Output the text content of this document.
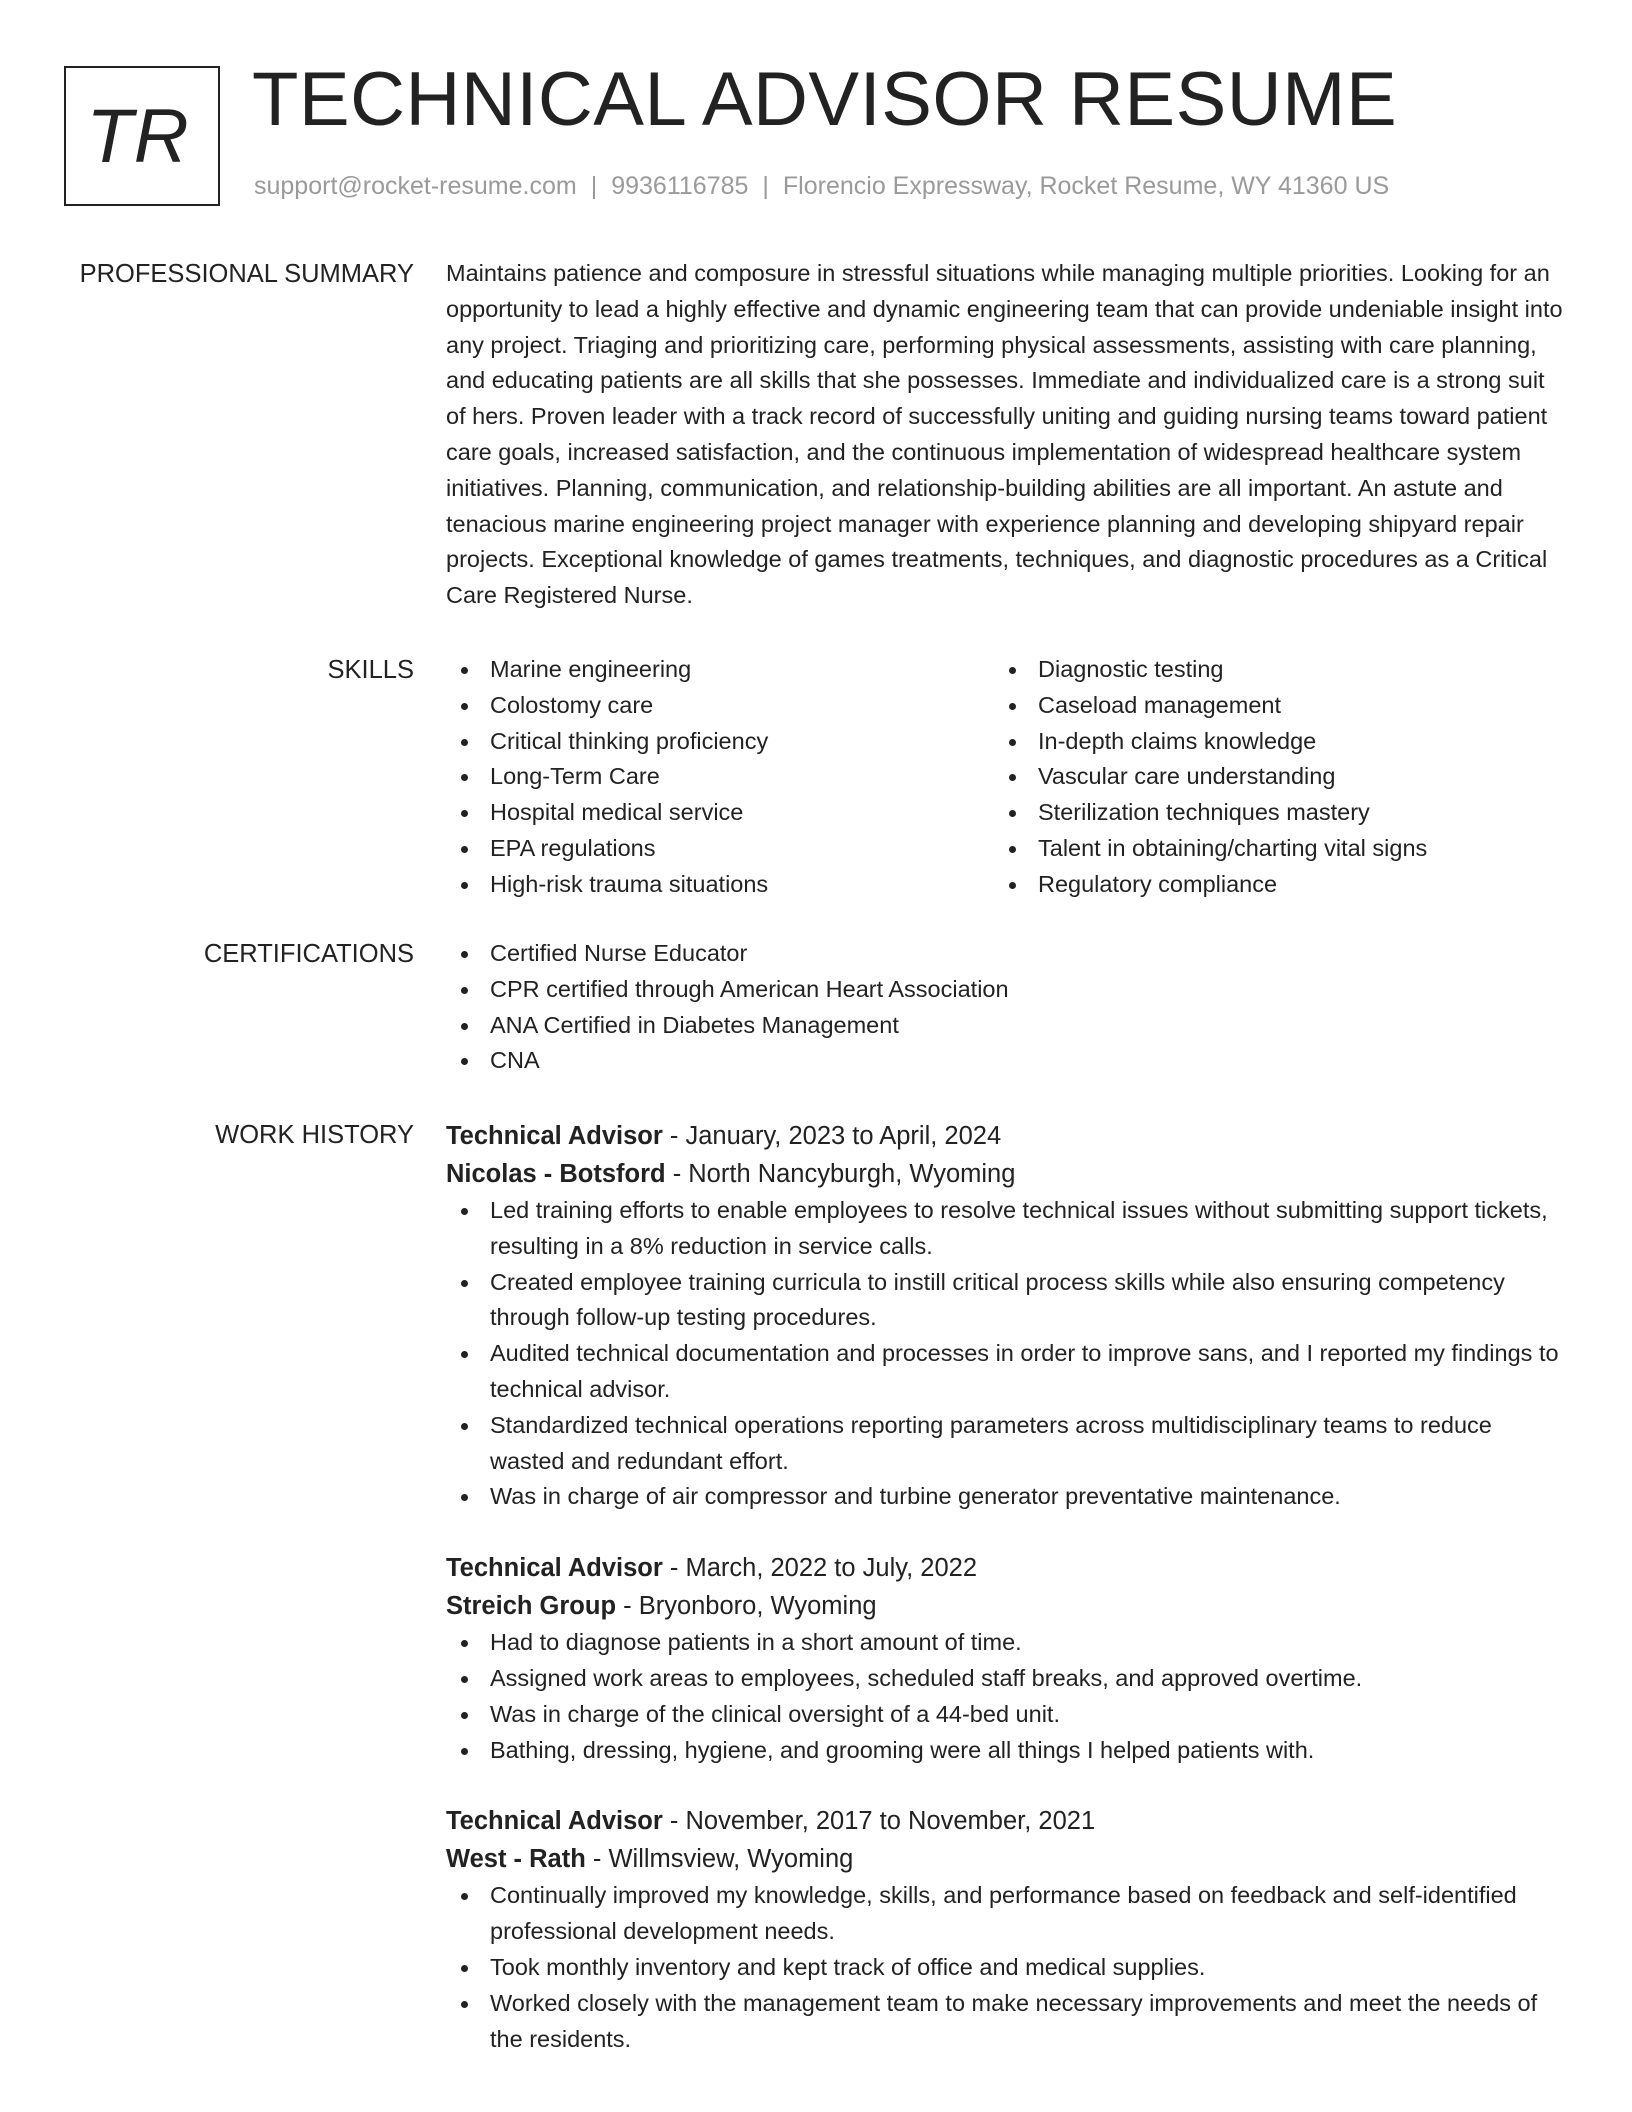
TR TECHNICAL ADVISOR RESUME
support@rocket-resume.com | 9936116785 | Florencio Expressway, Rocket Resume, WY 41360 US
PROFESSIONAL SUMMARY Maintains patience and composure in stressful situations while managing multiple priorities. Looking for an opportunity to lead a highly effective and dynamic engineering team that can provide undeniable insight into any project. Triaging and prioritizing care, performing physical assessments, assisting with care planning, and educating patients are all skills that she possesses. Immediate and individualized care is a strong suit of hers. Proven leader with a track record of successfully uniting and guiding nursing teams toward patient care goals, increased satisfaction, and the continuous implementation of widespread healthcare system initiatives. Planning, communication, and relationship-building abilities are all important. An astute and tenacious marine engineering project manager with experience planning and developing shipyard repair projects. Exceptional knowledge of games treatments, techniques, and diagnostic procedures as a Critical Care Registered Nurse.

SKILLS	Marine engineering
Colostomy care
Critical thinking proficiency
Long-Term Care
Hospital medical service
EPA regulations
High-risk trauma situations
Diagnostic testing
Caseload management
In-depth claims knowledge
Vascular care understanding
Sterilization techniques mastery
Talent in obtaining/charting vital signs
Regulatory compliance
CERTIFICATIONS	Certified Nurse Educator
CPR certified through American Heart Association
ANA Certified in Diabetes Management
CNA
WORK HISTORY Technical Advisor - January, 2023 to April, 2024
Nicolas - Botsford - North Nancyburgh, Wyoming
Led training efforts to enable employees to resolve technical issues without submitting support tickets, resulting in a 8% reduction in service calls.
Created employee training curricula to instill critical process skills while also ensuring competency through follow-up testing procedures.
Audited technical documentation and processes in order to improve sans, and I reported my findings to technical advisor.
Standardized technical operations reporting parameters across multidisciplinary teams to reduce wasted and redundant effort.
Was in charge of air compressor and turbine generator preventative maintenance.
Technical Advisor - March, 2022 to July, 2022
Streich Group - Bryonboro, Wyoming
Had to diagnose patients in a short amount of time.
Assigned work areas to employees, scheduled staff breaks, and approved overtime.
Was in charge of the clinical oversight of a 44-bed unit.
Bathing, dressing, hygiene, and grooming were all things I helped patients with.
Technical Advisor - November, 2017 to November, 2021
West - Rath - Willmsview, Wyoming
Continually improved my knowledge, skills, and performance based on feedback and self-identified professional development needs.
Took monthly inventory and kept track of office and medical supplies.
Worked closely with the management team to make necessary improvements and meet the needs of the residents.
